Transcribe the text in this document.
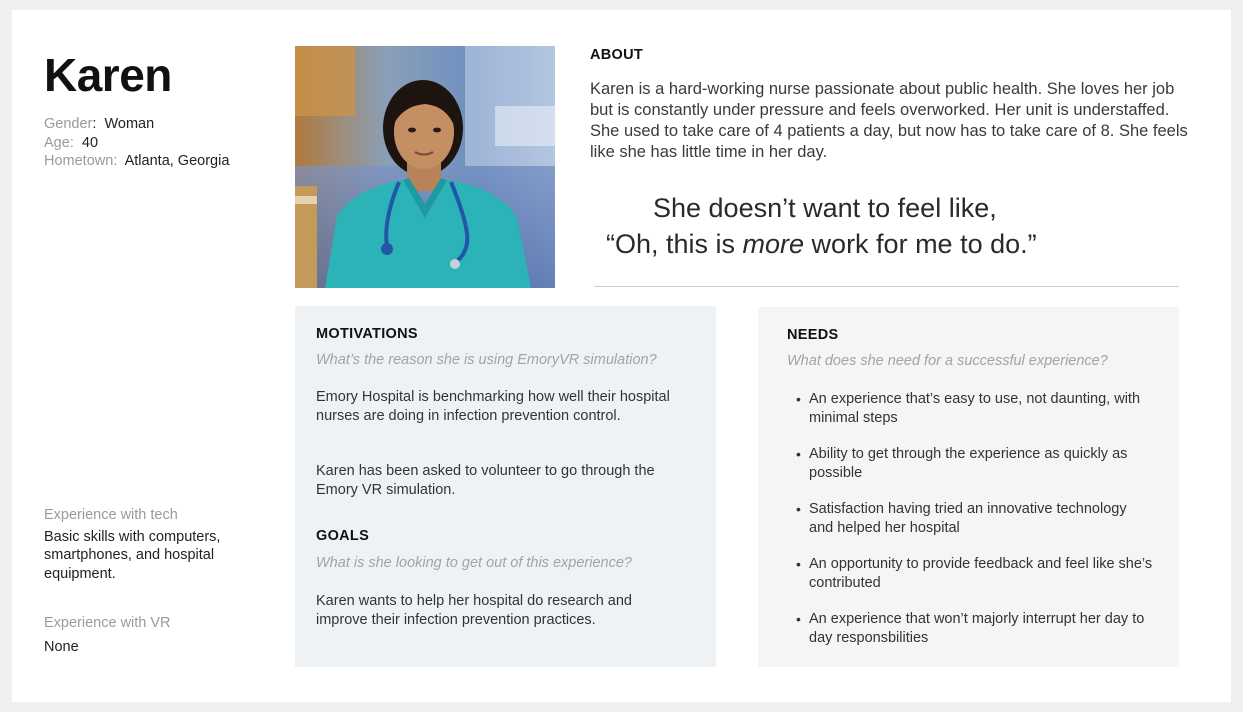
Karen
Gender:  Woman
Age:  40
Hometown:  Atlanta, Georgia
Experience with tech
Basic skills with computers, smartphones, and hospital equipment.
Experience with VR
None
ABOUT

Karen is a hard-working nurse passionate about public health. She loves her job but is constantly under pressure and feels overworked. Her unit is understaffed. She used to take care of 4 patients a day, but now has to take care of 8. She feels like she has little time in her day.

She doesn’t want to feel like,
“Oh, this is more work for me to do.”
MOTIVATIONS
What’s the reason she is using EmoryVR simulation?

Emory Hospital is benchmarking how well their hospital nurses are doing in infection prevention control.

Karen has been asked to volunteer to go through the Emory VR simulation.

GOALS
What is she looking to get out of this experience?

Karen wants to help her hospital do research and improve their infection prevention practices.

NEEDS
What does she need for a successful experience?
• An experience that’s easy to use, not daunting, with minimal steps
• Ability to get through the experience as quickly as possible
• Satisfaction having tried an innovative technology and helped her hospital
• An opportunity to provide feedback and feel like she’s contributed
• An experience that won’t majorly interrupt her day to day responsbilities
